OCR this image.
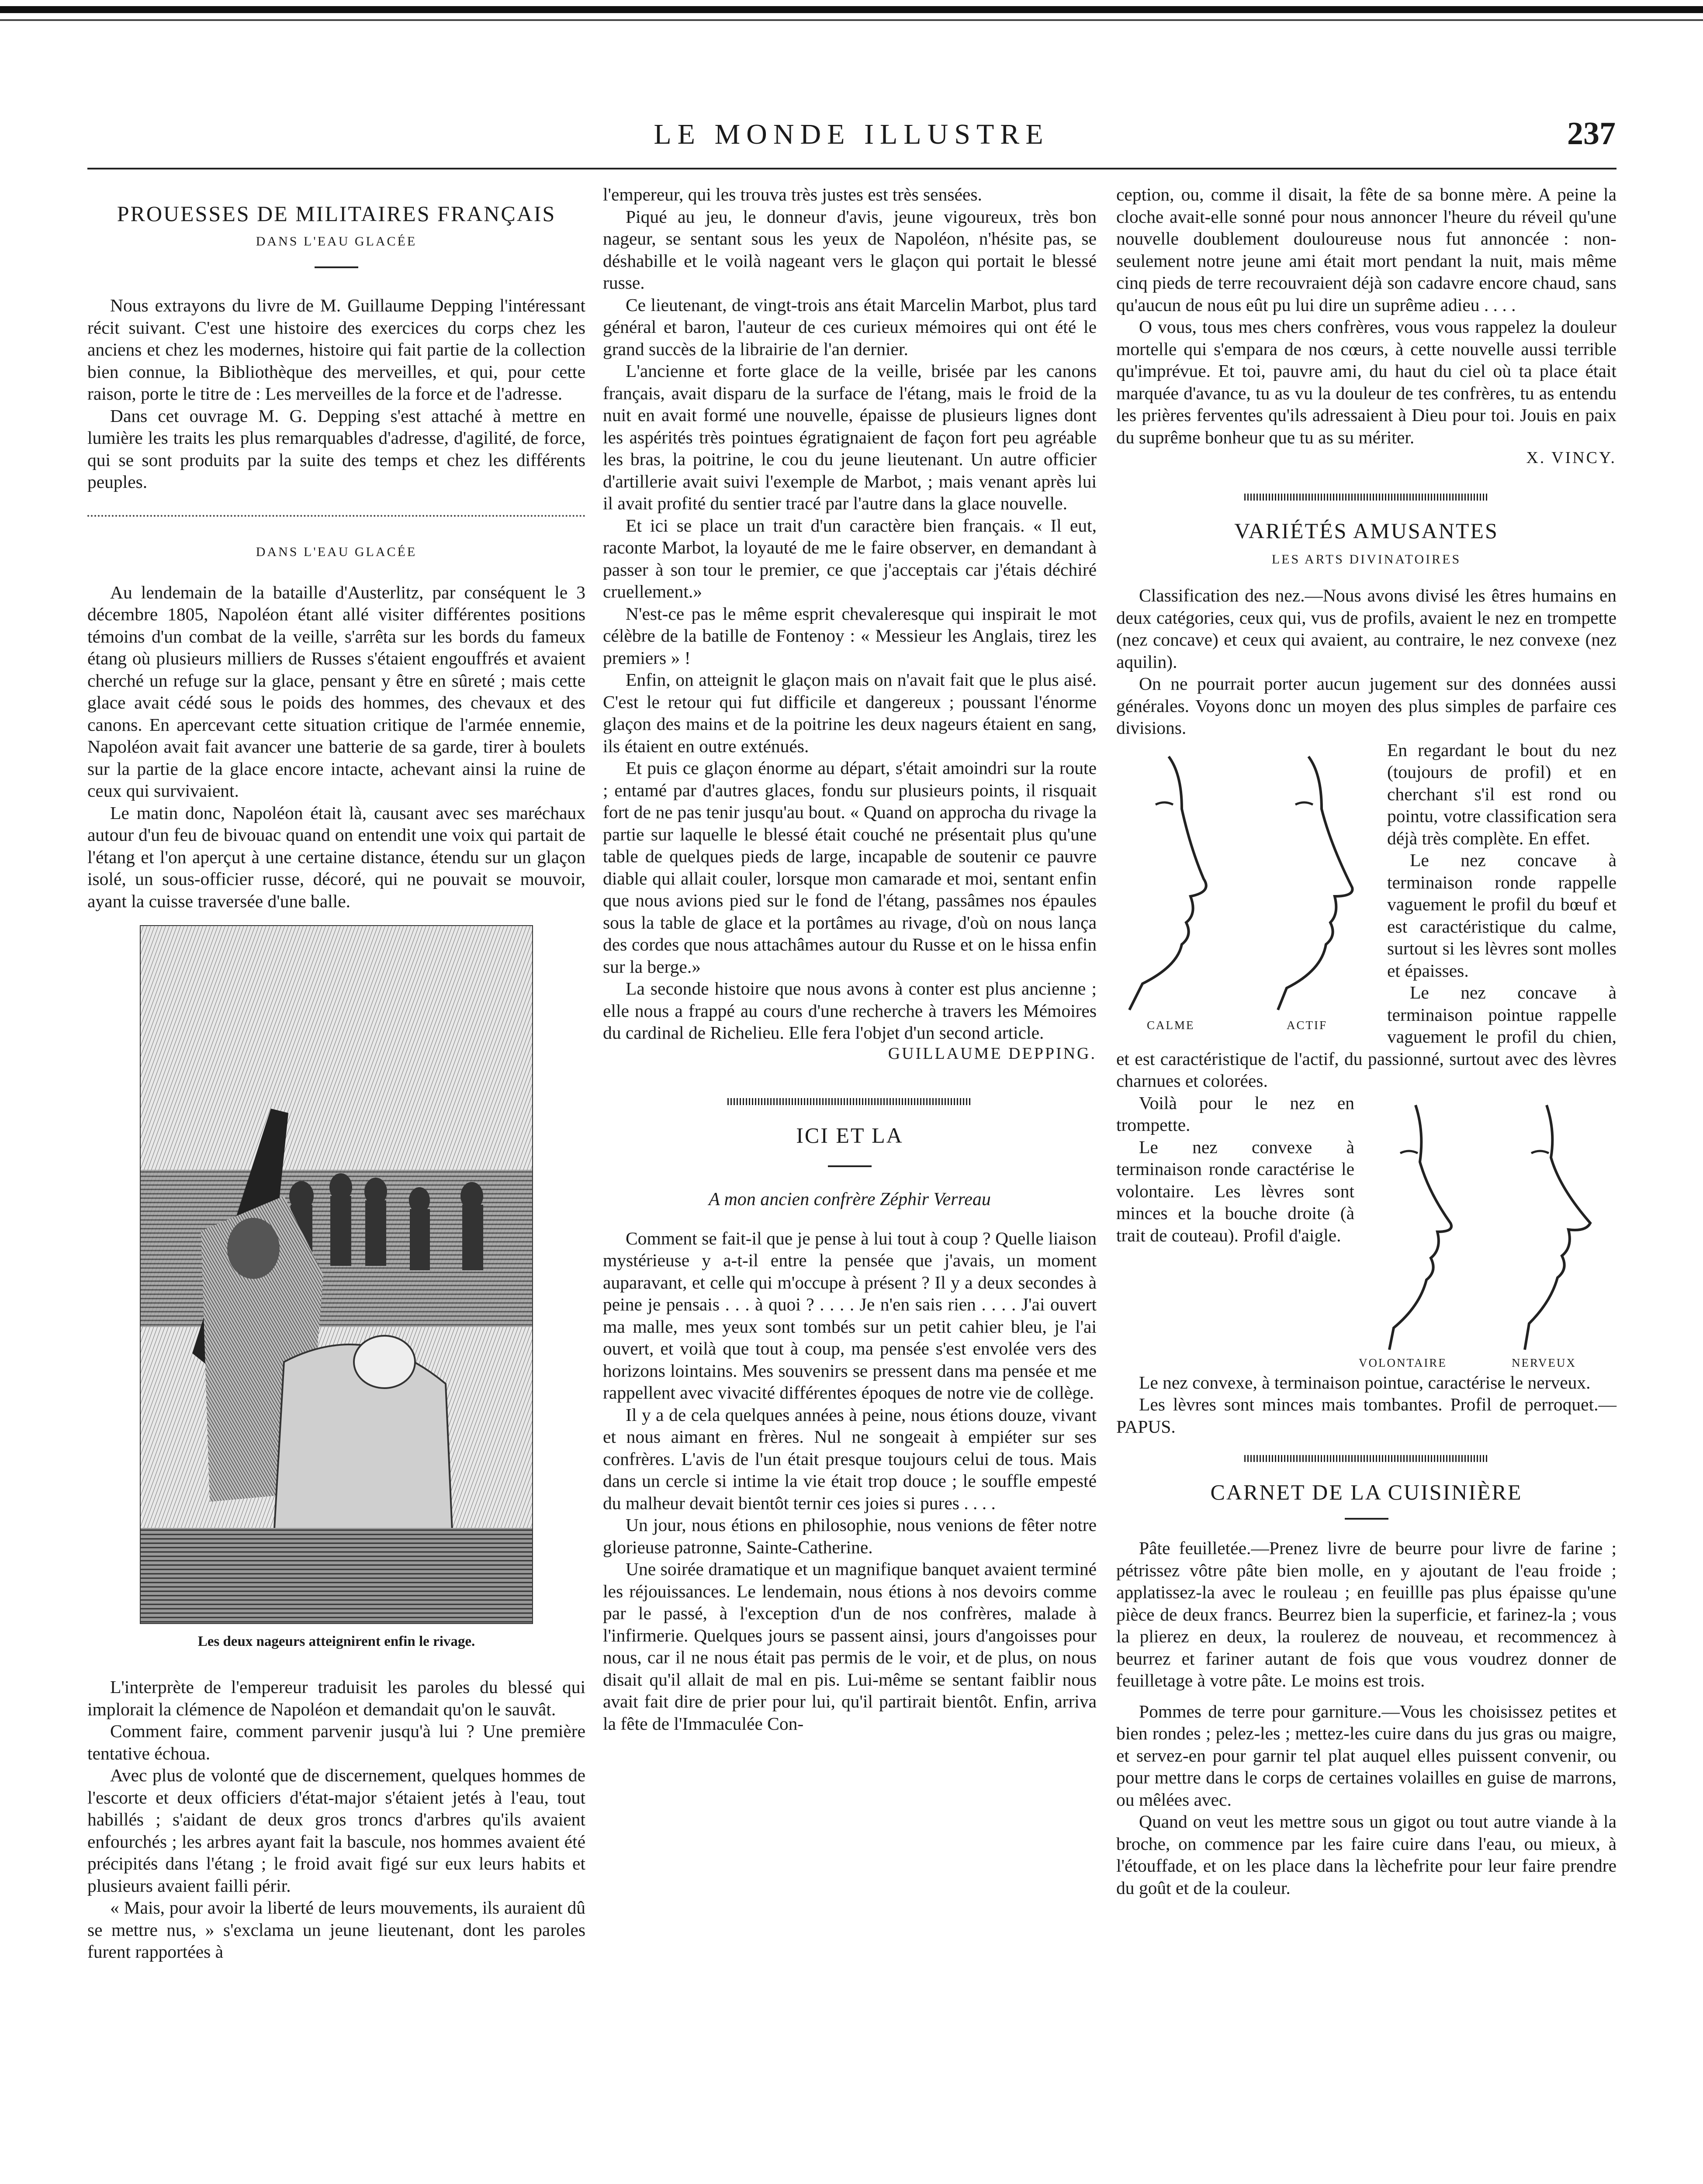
LE MONDE ILLUSTRE	237
PROUESSES DE MILITAIRES FRANÇAIS

DANS L'EAU GLACÉE

Nous extrayons du livre de M. Guillaume Depping l'intéressant récit suivant. C'est une histoire des exercices du corps chez les anciens et chez les modernes, histoire qui fait partie de la collection bien connue, la Bibliothèque des merveilles, et qui, pour cette raison, porte le titre de : Les merveilles de la force et de l'adresse.

Dans cet ouvrage M. G. Depping s'est attaché à mettre en lumière les traits les plus remarquables d'adresse, d'agilité, de force, qui se sont produits par la suite des temps et chez les différents peuples.

DANS L'EAU GLACÉE

Au lendemain de la bataille d'Austerlitz, par conséquent le 3 décembre 1805, Napoléon étant allé visiter différentes positions témoins d'un combat de la veille, s'arrêta sur les bords du fameux étang où plusieurs milliers de Russes s'étaient engouffrés et avaient cherché un refuge sur la glace, pensant y être en sûreté ; mais cette glace avait cédé sous le poids des hommes, des chevaux et des canons. En apercevant cette situation critique de l'armée ennemie, Napoléon avait fait avancer une batterie de sa garde, tirer à boulets sur la partie de la glace encore intacte, achevant ainsi la ruine de ceux qui survivaient.

Le matin donc, Napoléon était là, causant avec ses maréchaux autour d'un feu de bivouac quand on entendit une voix qui partait de l'étang et l'on aperçut à une certaine distance, étendu sur un glaçon isolé, un sous-officier russe, décoré, qui ne pouvait se mouvoir, ayant la cuisse traversée d'une balle.

Les deux nageurs atteignirent enfin le rivage.

L'interprète de l'empereur traduisit les paroles du blessé qui implorait la clémence de Napoléon et demandait qu'on le sauvât.

Comment faire, comment parvenir jusqu'à lui ? Une première tentative échoua.

Avec plus de volonté que de discernement, quelques hommes de l'escorte et deux officiers d'état-major s'étaient jetés à l'eau, tout habillés ; s'aidant de deux gros troncs d'arbres qu'ils avaient enfourchés ; les arbres ayant fait la bascule, nos hommes avaient été précipités dans l'étang ; le froid avait figé sur eux leurs habits et plusieurs avaient failli périr.

« Mais, pour avoir la liberté de leurs mouvements, ils auraient dû se mettre nus, » s'exclama un jeune lieutenant, dont les paroles furent rapportées à

l'empereur, qui les trouva très justes est très sensées.

Piqué au jeu, le donneur d'avis, jeune vigoureux, très bon nageur, se sentant sous les yeux de Napoléon, n'hésite pas, se déshabille et le voilà nageant vers le glaçon qui portait le blessé russe.

Ce lieutenant, de vingt-trois ans était Marcelin Marbot, plus tard général et baron, l'auteur de ces curieux mémoires qui ont été le grand succès de la librairie de l'an dernier.

L'ancienne et forte glace de la veille, brisée par les canons français, avait disparu de la surface de l'étang, mais le froid de la nuit en avait formé une nouvelle, épaisse de plusieurs lignes dont les aspérités très pointues égratignaient de façon fort peu agréable les bras, la poitrine, le cou du jeune lieutenant. Un autre officier d'artillerie avait suivi l'exemple de Marbot, ; mais venant après lui il avait profité du sentier tracé par l'autre dans la glace nouvelle.

Et ici se place un trait d'un caractère bien français. « Il eut, raconte Marbot, la loyauté de me le faire observer, en demandant à passer à son tour le premier, ce que j'acceptais car j'étais déchiré cruellement.»

N'est-ce pas le même esprit chevaleresque qui inspirait le mot célèbre de la batille de Fontenoy : « Messieur les Anglais, tirez les premiers » !

Enfin, on atteignit le glaçon mais on n'avait fait que le plus aisé. C'est le retour qui fut difficile et dangereux ; poussant l'énorme glaçon des mains et de la poitrine les deux nageurs étaient en sang, ils étaient en outre exténués.

Et puis ce glaçon énorme au départ, s'était amoindri sur la route ; entamé par d'autres glaces, fondu sur plusieurs points, il risquait fort de ne pas tenir jusqu'au bout. « Quand on approcha du rivage la partie sur laquelle le blessé était couché ne présentait plus qu'une table de quelques pieds de large, incapable de soutenir ce pauvre diable qui allait couler, lorsque mon camarade et moi, sentant enfin que nous avions pied sur le fond de l'étang, passâmes nos épaules sous la table de glace et la portâmes au rivage, d'où on nous lança des cordes que nous attachâmes autour du Russe et on le hissa enfin sur la berge.»

La seconde histoire que nous avons à conter est plus ancienne ; elle nous a frappé au cours d'une recherche à travers les Mémoires du cardinal de Richelieu. Elle fera l'objet d'un second article.

GUILLAUME DEPPING.

ICI ET LA

A mon ancien confrère Zéphir Verreau

Comment se fait-il que je pense à lui tout à coup ? Quelle liaison mystérieuse y a-t-il entre la pensée que j'avais, un moment auparavant, et celle qui m'occupe à présent ? Il y a deux secondes à peine je pensais . . . à quoi ? . . . . Je n'en sais rien . . . . J'ai ouvert ma malle, mes yeux sont tombés sur un petit cahier bleu, je l'ai ouvert, et voilà que tout à coup, ma pensée s'est envolée vers des horizons lointains. Mes souvenirs se pressent dans ma pensée et me rappellent avec vivacité différentes époques de notre vie de collège.

Il y a de cela quelques années à peine, nous étions douze, vivant et nous aimant en frères. Nul ne songeait à empiéter sur ses confrères. L'avis de l'un était presque toujours celui de tous. Mais dans un cercle si intime la vie était trop douce ; le souffle empesté du malheur devait bientôt ternir ces joies si pures . . . .

Un jour, nous étions en philosophie, nous venions de fêter notre glorieuse patronne, Sainte-Catherine.

Une soirée dramatique et un magnifique banquet avaient terminé les réjouissances. Le lendemain, nous étions à nos devoirs comme par le passé, à l'exception d'un de nos confrères, malade à l'infirmerie. Quelques jours se passent ainsi, jours d'angoisses pour nous, car il ne nous était pas permis de le voir, et de plus, on nous disait qu'il allait de mal en pis. Lui-même se sentant faiblir nous avait fait dire de prier pour lui, qu'il partirait bientôt. Enfin, arriva la fête de l'Immaculée Con-

ception, ou, comme il disait, la fête de sa bonne mère. A peine la cloche avait-elle sonné pour nous annoncer l'heure du réveil qu'une nouvelle doublement douloureuse nous fut annoncée : non-seulement notre jeune ami était mort pendant la nuit, mais même cinq pieds de terre recouvraient déjà son cadavre encore chaud, sans qu'aucun de nous eût pu lui dire un suprême adieu . . . .

O vous, tous mes chers confrères, vous vous rappelez la douleur mortelle qui s'empara de nos cœurs, à cette nouvelle aussi terrible qu'imprévue. Et toi, pauvre ami, du haut du ciel où ta place était marquée d'avance, tu as vu la douleur de tes confrères, tu as entendu les prières ferventes qu'ils adressaient à Dieu pour toi. Jouis en paix du suprême bonheur que tu as su mériter.

X. VINCY.

VARIÉTÉS AMUSANTES

LES ARTS DIVINATOIRES

Classification des nez.—Nous avons divisé les êtres humains en deux catégories, ceux qui, vus de profils, avaient le nez en trompette (nez concave) et ceux qui avaient, au contraire, le nez convexe (nez aquilin).

On ne pourrait porter aucun jugement sur des données aussi générales. Voyons donc un moyen des plus simples de parfaire ces divisions.

CALME	ACTIF

En regardant le bout du nez (toujours de profil) et en cherchant s'il est rond ou pointu, votre classification sera déjà très complète. En effet.

Le nez concave à terminaison ronde rappelle vaguement le profil du bœuf et est caractéristique du calme, surtout si les lèvres sont molles et épaisses.

Le nez concave à terminaison pointue rappelle vaguement le profil du chien, et est caractéristique de l'actif, du passionné, surtout avec des lèvres charnues et colorées.

VOLONTAIRE	NERVEUX

Voilà pour le nez en trompette.

Le nez convexe à terminaison ronde caractérise le volontaire. Les lèvres sont minces et la bouche droite (à trait de couteau). Profil d'aigle.

Le nez convexe, à terminaison pointue, caractérise le nerveux.

Les lèvres sont minces mais tombantes. Profil de perroquet.—PAPUS.

CARNET DE LA CUISINIÈRE

Pâte feuilletée.—Prenez livre de beurre pour livre de farine ; pétrissez vôtre pâte bien molle, en y ajoutant de l'eau froide ; applatissez-la avec le rouleau ; en feuillle pas plus épaisse qu'une pièce de deux francs. Beurrez bien la superficie, et farinez-la ; vous la plierez en deux, la roulerez de nouveau, et recommencez à beurrez et fariner autant de fois que vous voudrez donner de feuilletage à votre pâte. Le moins est trois.

Pommes de terre pour garniture.—Vous les choisissez petites et bien rondes ; pelez-les ; mettez-les cuire dans du jus gras ou maigre, et servez-en pour garnir tel plat auquel elles puissent convenir, ou pour mettre dans le corps de certaines volailles en guise de marrons, ou mêlées avec.

Quand on veut les mettre sous un gigot ou tout autre viande à la broche, on commence par les faire cuire dans l'eau, ou mieux, à l'étouffade, et on les place dans la lèchefrite pour leur faire prendre du goût et de la couleur.
